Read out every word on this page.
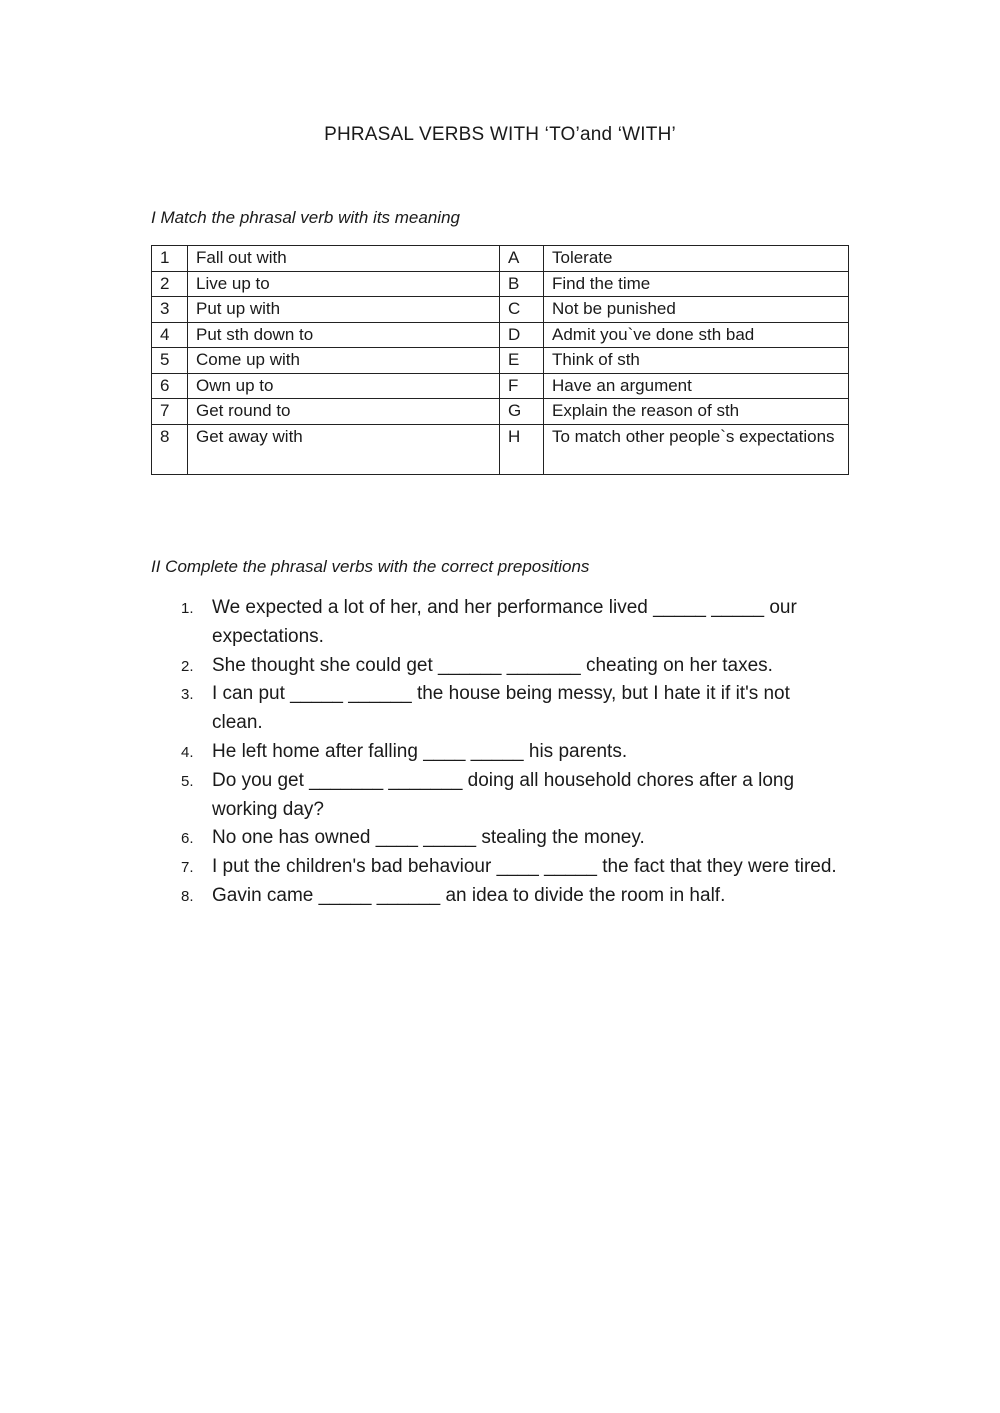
PHRASAL VERBS WITH ‘TO’and ‘WITH’
I Match the phrasal verb with its meaning
1	Fall out with	A	Tolerate
2	Live up to	B	Find the time
3	Put up with	C	Not be punished
4	Put sth down to	D	Admit you`ve done sth bad
5	Come up with	E	Think of sth
6	Own up to	F	Have an argument
7	Get round to	G	Explain the reason of sth
8	Get away with	H	To match other people`s expectations
II Complete the phrasal verbs with the correct prepositions
1. We expected a lot of her, and her performance lived _____ _____ our expectations.
2. She thought she could get ______ _______ cheating on her taxes.
3. I can put _____ ______ the house being messy, but I hate it if it's not clean.
4. He left home after falling ____ _____ his parents.
5. Do you get _______ _______ doing all household chores after a long working day?
6. No one has owned ____ _____ stealing the money.
7. I put the children's bad behaviour ____ _____ the fact that they were tired.
8. Gavin came _____ ______ an idea to divide the room in half.
